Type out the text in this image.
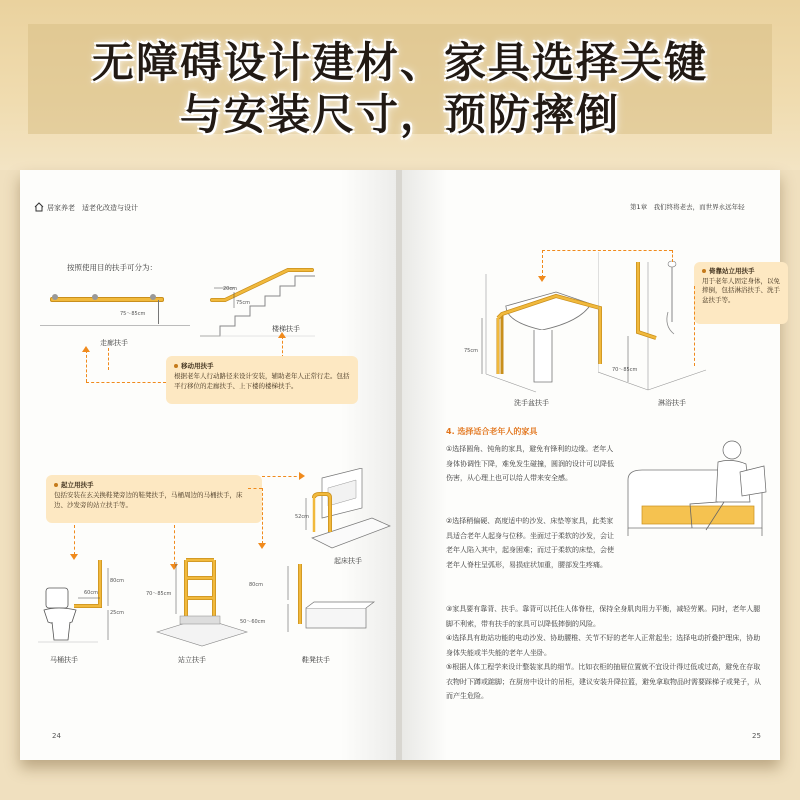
无障碍设计建材、家具选择关键
与安装尺寸，预防摔倒
居家养老　适老化改造与设计
按照使用目的扶手可分为：
75～85cm
走廊扶手
20cm
75cm
楼梯扶手
移动用扶手
根据老年人行动路径来设计安装，辅助老年人正常行走。包括平行移位的走廊扶手、上下楼的楼梯扶手。
起立用扶手
包括安装在玄关换鞋凳旁边的鞋凳扶手，马桶周边的马桶扶手，床边、沙发旁的站立扶手等。
60cm
80cm
25cm
马桶扶手
70～85cm
站立扶手
80cm
50～60cm
鞋凳扶手
52cm
起床扶手
24
第1章　我们终将老去，而世界永远年轻
75cm
洗手盆扶手
70～85cm
淋浴扶手
倚靠站立用扶手
用于老年人固定身体，以免摔倒，包括淋浴扶手、洗手盆扶手等。
4. 选择适合老年人的家具

①选择圆角、钝角的家具，避免有锋利的边缘。老年人身体协调性下降，难免发生碰撞，圆润的设计可以降低伤害，从心理上也可以给人带来安全感。

②选择稍偏硬、高度适中的沙发、床垫等家具，此类家具适合老年人起身与位移。坐面过于柔软的沙发，会让老年人陷入其中，起身困难；而过于柔软的床垫，会使老年人脊柱呈弧形，易损症状加重，腰部发生疼痛。

③家具要有靠背、扶手。靠背可以托住人体脊柱，保持全身肌肉用力平衡，减轻劳累。同时，老年人腿脚不利索，带有扶手的家具可以降低摔倒的风险。

④选择具有助站功能的电动沙发、协助腰椎、关节不好的老年人正常起坐；选择电动折叠护理床，协助身体失能或半失能的老年人坐卧。

⑤根据人体工程学来设计整装家具的细节。比如衣柜的抽屉位置就不宜设计得过低或过高，避免在存取衣物时下蹲或踮脚；在厨房中设计的吊柜，建议安装升降拉篮，避免拿取物品时需要踩梯子或凳子，从而产生危险。

25
